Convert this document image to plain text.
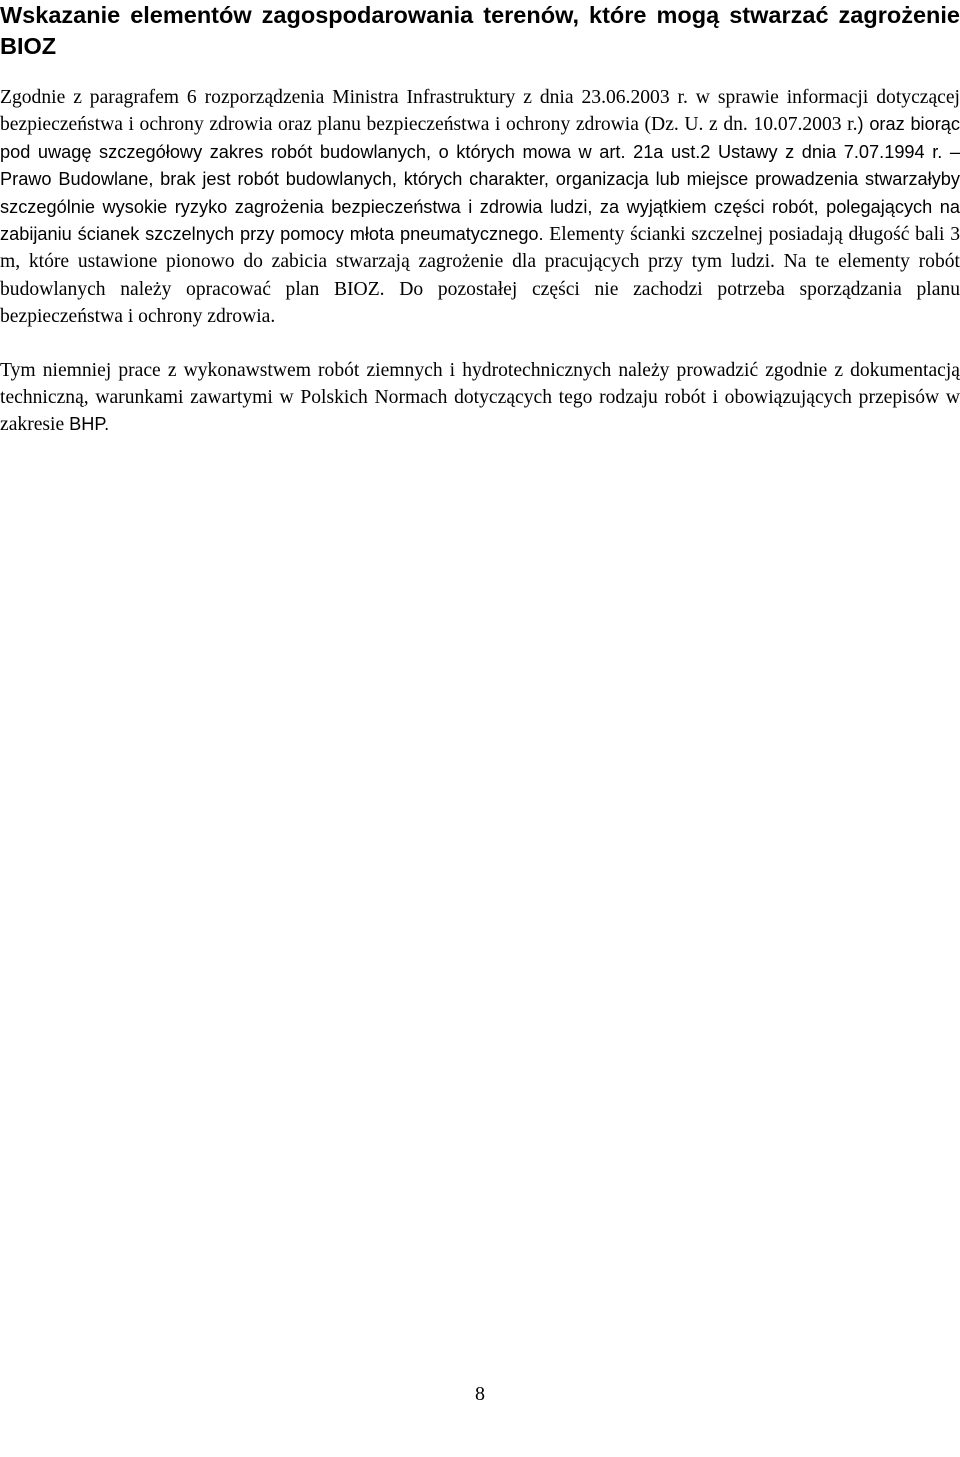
Wskazanie elementów zagospodarowania terenów, które mogą stwarzać zagrożenie BIOZ

Zgodnie z paragrafem 6 rozporządzenia Ministra Infrastruktury z dnia 23.06.2003 r. w sprawie informacji dotyczącej bezpieczeństwa i ochrony zdrowia oraz planu bezpieczeństwa i ochrony zdrowia (Dz. U. z dn. 10.07.2003 r.) oraz biorąc pod uwagę szczegółowy zakres robót budowlanych, o których mowa w art. 21a ust.2 Ustawy z dnia 7.07.1994 r. – Prawo Budowlane, brak jest robót budowlanych, których charakter, organizacja lub miejsce prowadzenia stwarzałyby szczególnie wysokie ryzyko zagrożenia bezpieczeństwa i zdrowia ludzi, za wyjątkiem części robót, polegających na zabijaniu ścianek szczelnych przy pomocy młota pneumatycznego. Elementy ścianki szczelnej posiadają długość bali 3 m, które ustawione pionowo do zabicia stwarzają zagrożenie dla pracujących przy tym ludzi. Na te elementy robót budowlanych należy opracować plan BIOZ. Do pozostałej części nie zachodzi potrzeba sporządzania planu bezpieczeństwa i ochrony zdrowia.

Tym niemniej prace z wykonawstwem robót ziemnych i hydrotechnicznych należy prowadzić zgodnie z dokumentacją techniczną, warunkami zawartymi w Polskich Normach dotyczących tego rodzaju robót i obowiązujących przepisów w zakresie BHP.

8
